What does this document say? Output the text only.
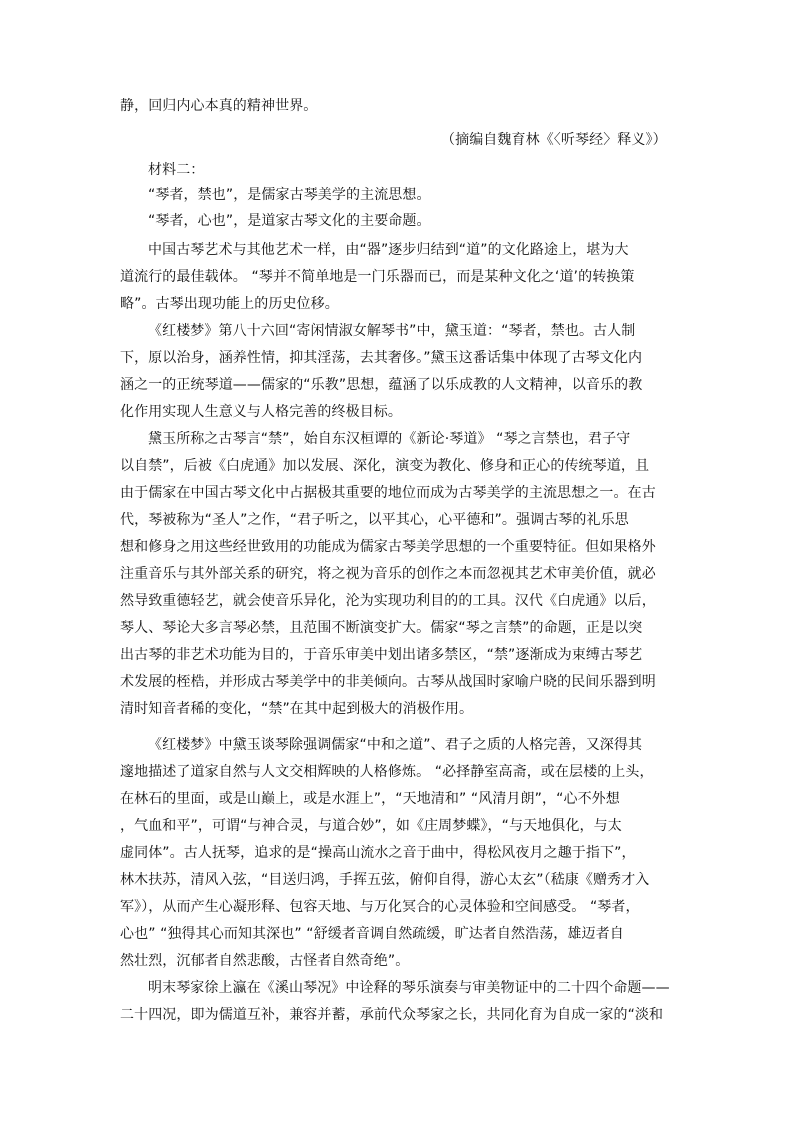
静，回归内心本真的精神世界。
（摘编自魏育林《〈听琴经〉释义》）
材料二：
“琴者，禁也”，是儒家古琴美学的主流思想。
“琴者，心也”，是道家古琴文化的主要命题。
中国古琴艺术与其他艺术一样，由“器”逐步归结到“道”的文化路途上，堪为大
道流行的最佳载体。 “琴并不简单地是一门乐器而已，而是某种文化之‘道’的转换策
略”。古琴出现功能上的历史位移。
《红楼梦》第八十六回“寄闲情淑女解琴书”中，黛玉道：“琴者，禁也。古人制
下，原以治身，涵养性情，抑其淫荡，去其奢侈。”黛玉这番话集中体现了古琴文化内
涵之一的正统琴道——儒家的“乐教”思想，蕴涵了以乐成教的人文精神，以音乐的教
化作用实现人生意义与人格完善的终极目标。
黛玉所称之古琴言“禁”，始自东汉桓谭的《新论·琴道》 “琴之言禁也，君子守
以自禁”，后被《白虎通》加以发展、深化，演变为教化、修身和正心的传统琴道，且
由于儒家在中国古琴文化中占据极其重要的地位而成为古琴美学的主流思想之一。在古
代，琴被称为“圣人”之作，“君子听之，以平其心，心平德和”。强调古琴的礼乐思
想和修身之用这些经世致用的功能成为儒家古琴美学思想的一个重要特征。但如果格外
注重音乐与其外部关系的研究，将之视为音乐的创作之本而忽视其艺术审美价值，就必
然导致重德轻艺，就会使音乐异化，沦为实现功利目的的工具。汉代《白虎通》以后，
琴人、琴论大多言琴必禁，且范围不断演变扩大。儒家“琴之言禁”的命题，正是以突
出古琴的非艺术功能为目的，于音乐审美中划出诸多禁区，“禁”逐渐成为束缚古琴艺
术发展的桎梏，并形成古琴美学中的非美倾向。古琴从战国时家喻户晓的民间乐器到明
清时知音者稀的变化，“禁”在其中起到极大的消极作用。
《红楼梦》中黛玉谈琴除强调儒家“中和之道”、君子之质的人格完善，又深得其
邃地描述了道家自然与人文交相辉映的人格修炼。 “必择静室高斋，或在层楼的上头，
在林石的里面，或是山巅上，或是水涯上”，“天地清和” “风清月朗”，“心不外想
，气血和平”，可谓“与神合灵，与道合妙”，如《庄周梦蝶》，“与天地俱化，与太
虚同体”。古人抚琴，追求的是“操高山流水之音于曲中，得松风夜月之趣于指下”，
林木扶苏，清风入弦，“目送归鸿，手挥五弦，俯仰自得，游心太玄”（嵇康《赠秀才入
军》），从而产生心凝形释、包容天地、与万化冥合的心灵体验和空间感受。 “琴者，
心也” “独得其心而知其深也” “舒缓者音调自然疏缓，旷达者自然浩荡，雄迈者自
然壮烈，沉郁者自然悲酸，古怪者自然奇绝”。
明末琴家徐上瀛在《溪山琴况》中诠释的琴乐演奏与审美物证中的二十四个命题——
二十四况，即为儒道互补，兼容并蓄，承前代众琴家之长，共同化育为自成一家的“淡和
